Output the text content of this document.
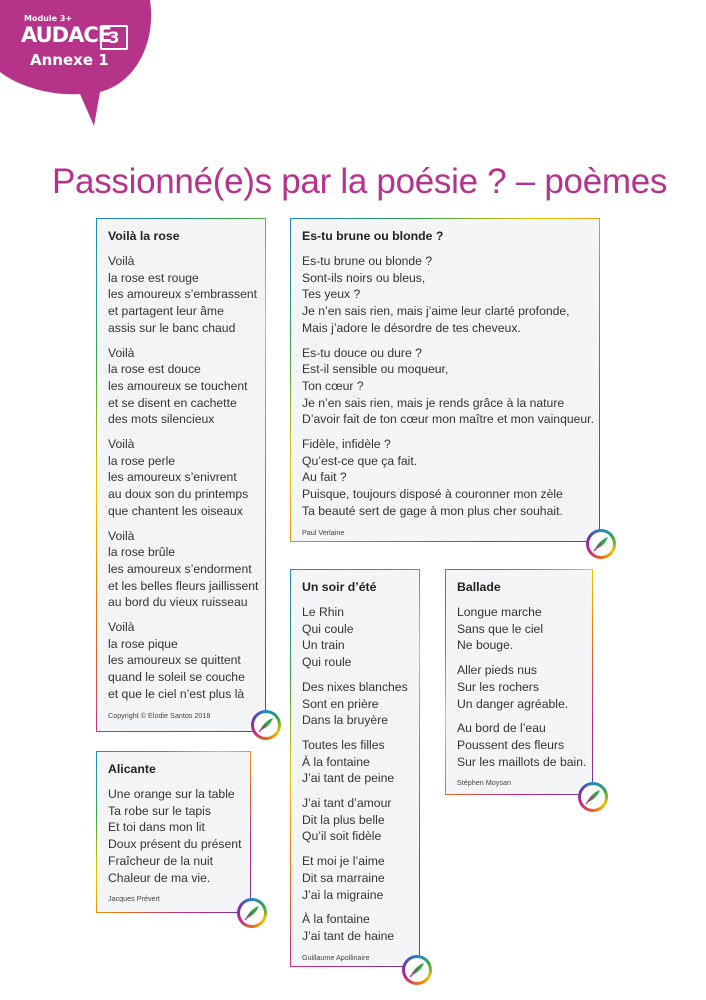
Module 3+
AUDACE
3
Annexe 1
Passionné(e)s par la poésie ? – poèmes
Voilà la rose
Voilà
la rose est rouge
les amoureux s’embrassent
et partagent leur âme
assis sur le banc chaud
Voilà
la rose est douce
les amoureux se touchent
et se disent en cachette
des mots silencieux
Voilà
la rose perle
les amoureux s’enivrent
au doux son du printemps
que chantent les oiseaux
Voilà
la rose brûle
les amoureux s’endorment
et les belles fleurs jaillissent
au bord du vieux ruisseau
Voilà
la rose pique
les amoureux se quittent
quand le soleil se couche
et que le ciel n’est plus là
Copyright © Elodie Santos 2018
Es-tu brune ou blonde ?
Es-tu brune ou blonde ?
Sont-ils noirs ou bleus,
Tes yeux ?
Je n’en sais rien, mais j’aime leur clarté profonde,
Mais j’adore le désordre de tes cheveux.
Es-tu douce ou dure ?
Est-il sensible ou moqueur,
Ton cœur ?
Je n’en sais rien, mais je rends grâce à la nature
D’avoir fait de ton cœur mon maître et mon vainqueur.
Fidèle, infidèle ?
Qu’est-ce que ça fait.
Au fait ?
Puisque, toujours disposé à couronner mon zèle
Ta beauté sert de gage à mon plus cher souhait.
Paul Verlaine
Un soir d’été
Le Rhin
Qui coule
Un train
Qui roule
Des nixes blanches
Sont en prière
Dans la bruyère
Toutes les filles
À la fontaine
J’ai tant de peine
J’ai tant d’amour
Dit la plus belle
Qu’il soit fidèle
Et moi je l’aime
Dit sa marraine
J’ai la migraine
À la fontaine
J’ai tant de haine
Guillaume Apollinaire
Ballade
Longue marche
Sans que le ciel
Ne bouge.
Aller pieds nus
Sur les rochers
Un danger agréable.
Au bord de l’eau
Poussent des fleurs
Sur les maillots de bain.
Stéphen Moysan
Alicante
Une orange sur la table
Ta robe sur le tapis
Et toi dans mon lit
Doux présent du présent
Fraîcheur de la nuit
Chaleur de ma vie.
Jacques Prévert
